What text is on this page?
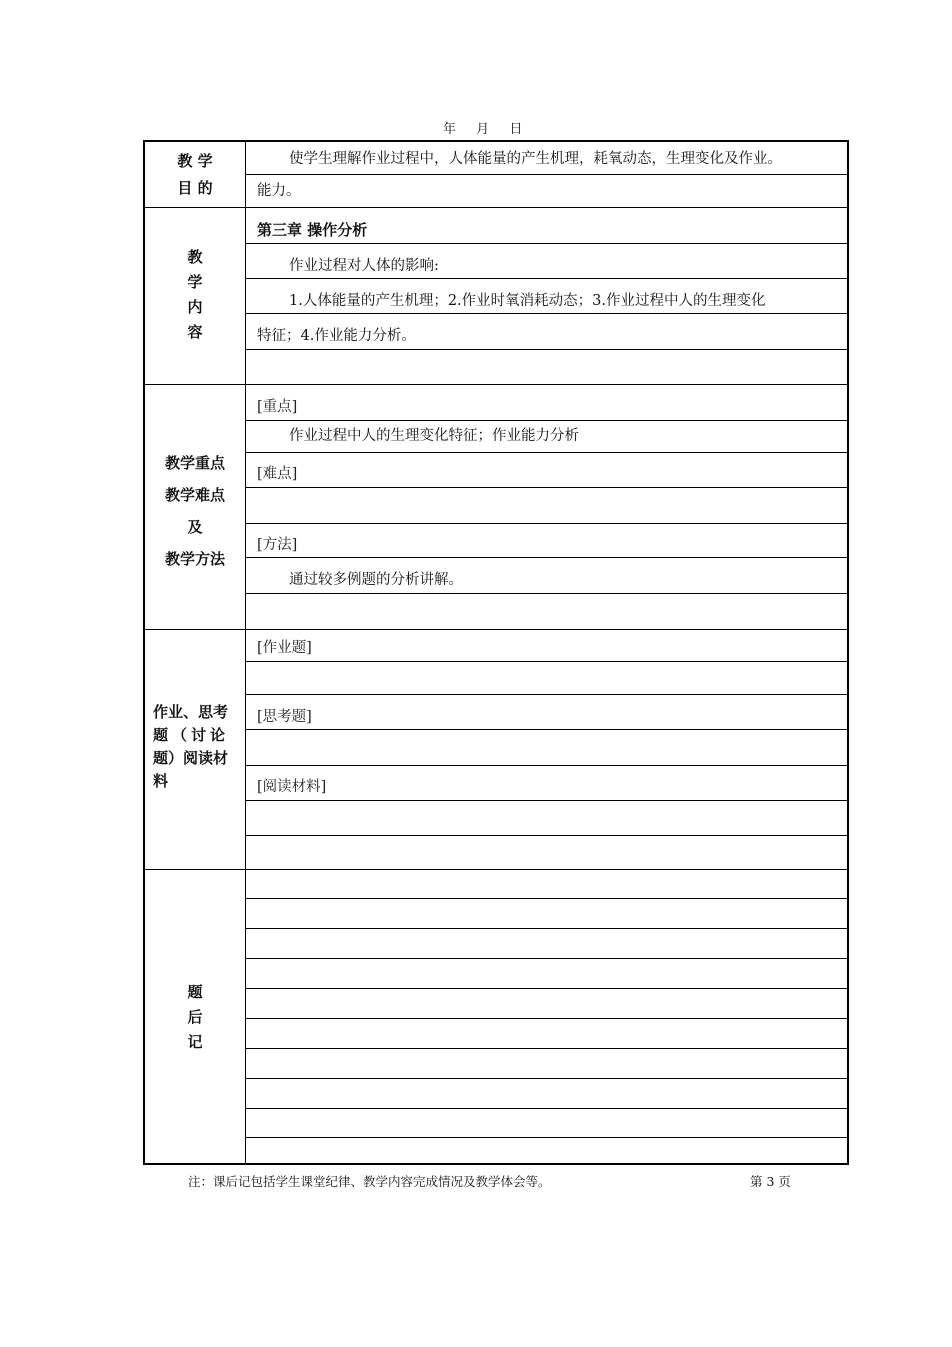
年 月 日
教 学
目 的
使学生理解作业过程中，人体能量的产生机理，耗氧动态，生理变化及作业。
能力。
教
学
内
容
第三章 操作分析
作业过程对人体的影响:
1.人体能量的产生机理；2.作业时氧消耗动态；3.作业过程中人的生理变化
特征；4.作业能力分析。
教学重点
教学难点
及
教学方法
[重点]
作业过程中人的生理变化特征；作业能力分析
[难点]
[方法]
通过较多例题的分析讲解。
作业、思考
题（讨论
题）阅读材
料
[作业题]
[思考题]
[阅读材料]
题
后
记
注：课后记包括学生课堂纪律、教学内容完成情况及教学体会等。	第 3 页
